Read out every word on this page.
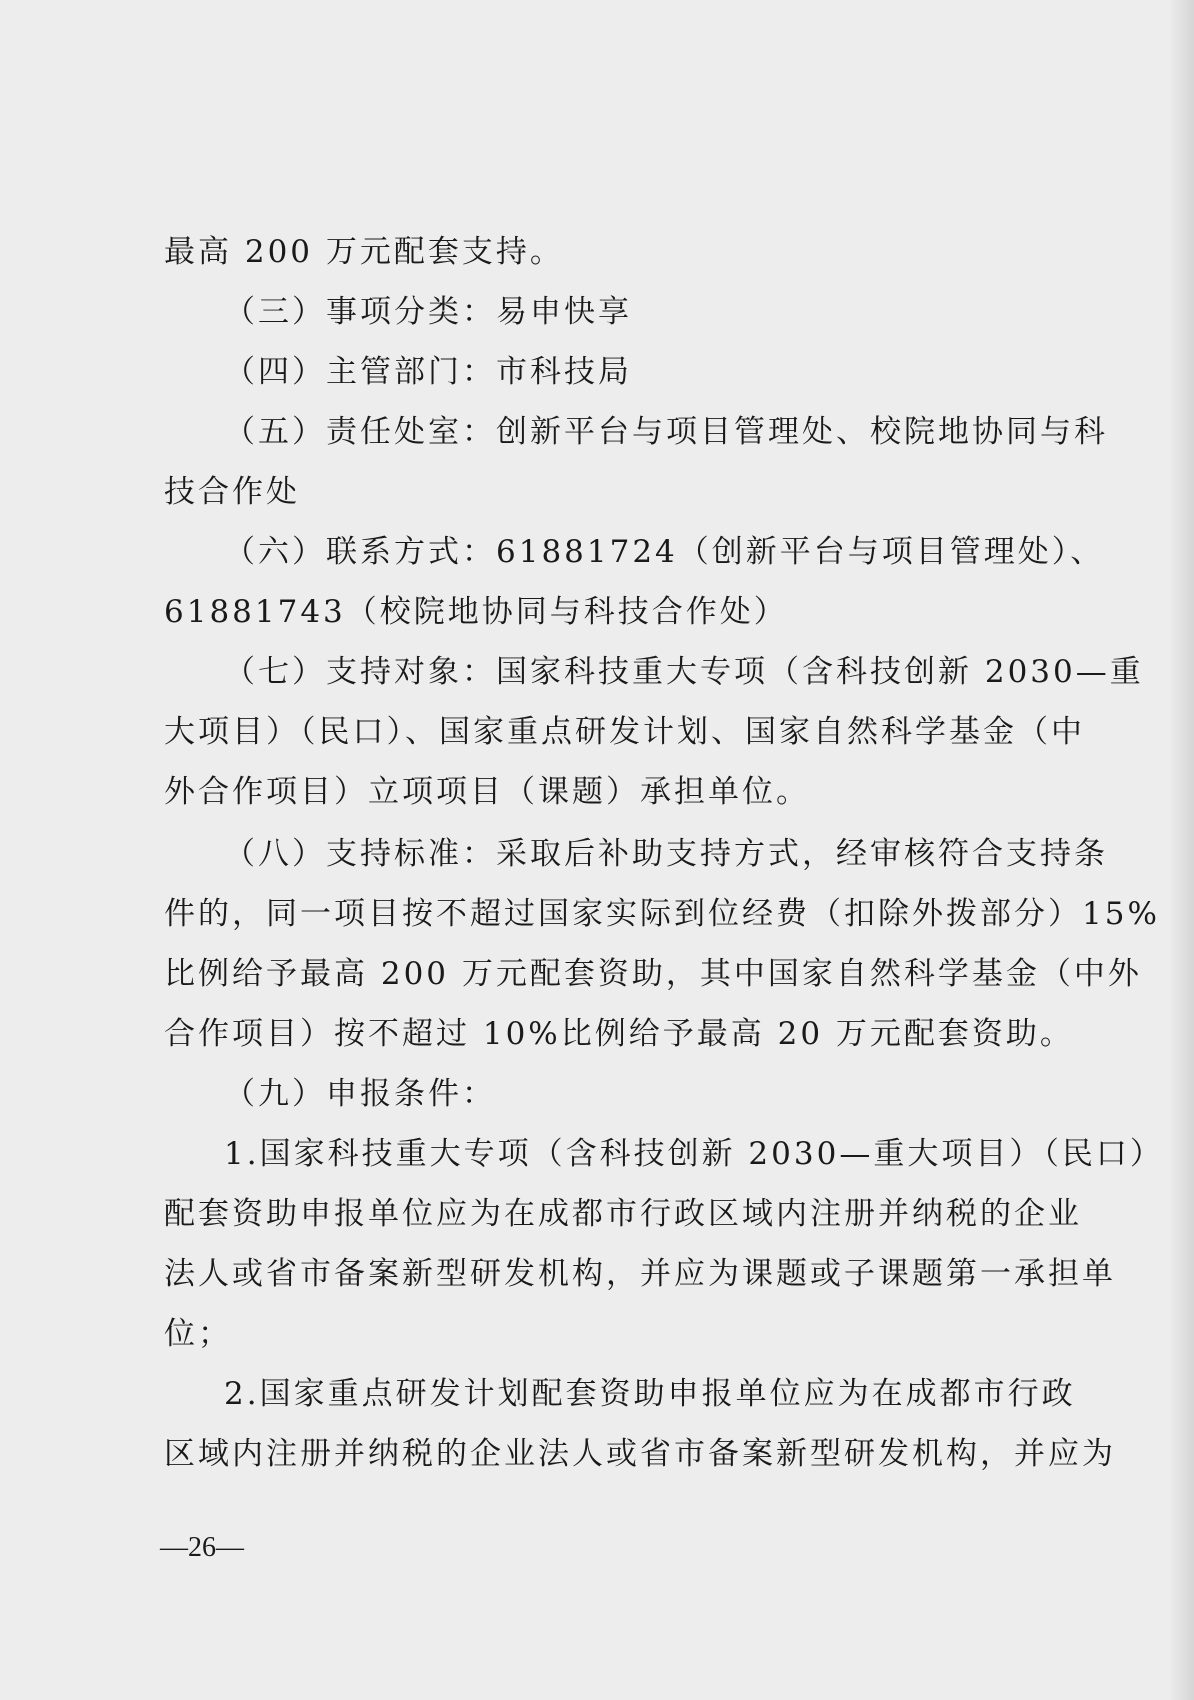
最高 200 万元配套支持。
（三）事项分类：易申快享
（四）主管部门：市科技局
（五）责任处室：创新平台与项目管理处、校院地协同与科
技合作处
（六）联系方式：61881724（创新平台与项目管理处）、
61881743（校院地协同与科技合作处）
（七）支持对象：国家科技重大专项（含科技创新 2030—重
大项目）（民口）、国家重点研发计划、国家自然科学基金（中
外合作项目）立项项目（课题）承担单位。
（八）支持标准：采取后补助支持方式，经审核符合支持条
件的，同一项目按不超过国家实际到位经费（扣除外拨部分）15%
比例给予最高 200 万元配套资助，其中国家自然科学基金（中外
合作项目）按不超过 10%比例给予最高 20 万元配套资助。
（九）申报条件：
1.国家科技重大专项（含科技创新 2030—重大项目）（民口）
配套资助申报单位应为在成都市行政区域内注册并纳税的企业
法人或省市备案新型研发机构，并应为课题或子课题第一承担单
位；
2.国家重点研发计划配套资助申报单位应为在成都市行政
区域内注册并纳税的企业法人或省市备案新型研发机构，并应为
—26—
